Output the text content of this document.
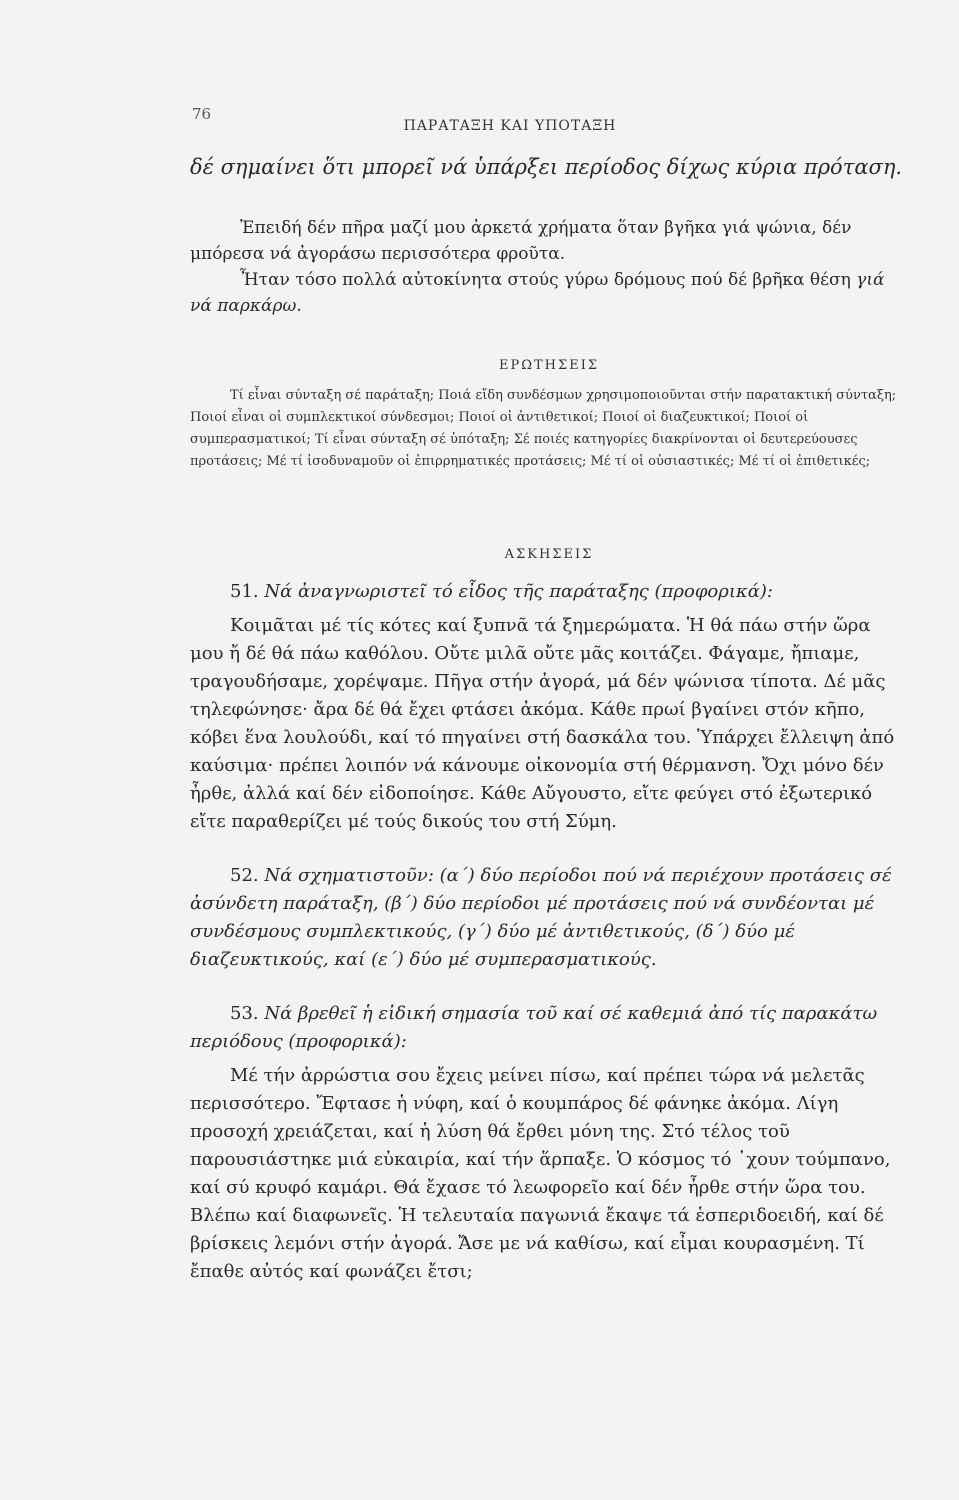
76
ΠΑΡΑΤΑΞΗ ΚΑΙ ΥΠΟΤΑΞΗ
δέ σημαίνει ὅτι μπορεῖ νά ὑπάρξει περίοδος δίχως κύρια πρόταση.

Ἐπειδή δέν πῆρα μαζί μου ἀρκετά χρήματα ὅταν βγῆκα γιά ψώνια, δέν μπόρεσα νά ἀγοράσω περισσότερα φροῦτα.

Ἦταν τόσο πολλά αὐτοκίνητα στούς γύρω δρόμους πού δέ βρῆκα θέση γιά νά παρκάρω.

ΕΡΩΤΗΣΕΙΣ

Τί εἶναι σύνταξη σέ παράταξη; Ποιά εἴδη συνδέσμων χρησιμοποιοῦνται στήν παρατακτική σύνταξη; Ποιοί εἶναι οἱ συμπλεκτικοί σύνδεσμοι; Ποιοί οἱ ἀντιθετικοί; Ποιοί οἱ διαζευκτικοί; Ποιοί οἱ συμπερασματικοί; Τί εἶναι σύνταξη σέ ὑπόταξη; Σέ ποιές κατηγορίες διακρίνονται οἱ δευτερεύουσες προτάσεις; Μέ τί ἰσοδυναμοῦν οἱ ἐπιρρηματικές προτάσεις; Μέ τί οἱ οὐσιαστικές; Μέ τί οἱ ἐπιθετικές;

ΑΣΚΗΣΕΙΣ

51. Νά ἀναγνωριστεῖ τό εἶδος τῆς παράταξης (προφορικά):

Κοιμᾶται μέ τίς κότες καί ξυπνᾶ τά ξημερώματα. Ἡ θά πάω στήν ὥρα μου ἤ δέ θά πάω καθόλου. Οὔτε μιλᾶ οὔτε μᾶς κοιτάζει. Φάγαμε, ἤπιαμε, τραγουδήσαμε, χορέψαμε. Πῆγα στήν ἀγορά, μά δέν ψώνισα τίποτα. Δέ μᾶς τηλεφώνησε· ἄρα δέ θά ἔχει φτάσει ἀκόμα. Κάθε πρωί βγαίνει στόν κῆπο, κόβει ἕνα λουλούδι, καί τό πηγαίνει στή δασκάλα του. Ὑπάρχει ἔλλειψη ἀπό καύσιμα· πρέπει λοιπόν νά κάνουμε οἰκονομία στή θέρμανση. Ὄχι μόνο δέν ἦρθε, ἀλλά καί δέν εἰδοποίησε. Κάθε Αὔγουστο, εἴτε φεύγει στό ἐξωτερικό εἴτε παραθερίζει μέ τούς δικούς του στή Σύμη.

52. Νά σχηματιστοῦν: (α΄) δύο περίοδοι πού νά περιέχουν προτάσεις σέ ἀσύνδετη παράταξη, (β΄) δύο περίοδοι μέ προτάσεις πού νά συνδέονται μέ συνδέσμους συμπλεκτικούς, (γ΄) δύο μέ ἀντιθετικούς, (δ΄) δύο μέ διαζευκτικούς, καί (ε΄) δύο μέ συμπερασματικούς.

53. Νά βρεθεῖ ἡ εἰδική σημασία τοῦ καί σέ καθεμιά ἀπό τίς παρακάτω περιόδους (προφορικά):

Μέ τήν ἀρρώστια σου ἔχεις μείνει πίσω, καί πρέπει τώρα νά μελετᾶς περισσότερο. Ἔφτασε ἡ νύφη, καί ὁ κουμπάρος δέ φάνηκε ἀκόμα. Λίγη προσοχή χρειάζεται, καί ἡ λύση θά ἔρθει μόνη της. Στό τέλος τοῦ παρουσιάστηκε μιά εὐκαιρία, καί τήν ἅρπαξε. Ὁ κόσμος τό ᾽χουν τούμπανο, καί σύ κρυφό καμάρι. Θά ἔχασε τό λεωφορεῖο καί δέν ἦρθε στήν ὥρα του. Βλέπω καί διαφωνεῖς. Ἡ τελευταία παγωνιά ἔκαψε τά ἑσπεριδοειδή, καί δέ βρίσκεις λεμόνι στήν ἀγορά. Ἄσε με νά καθίσω, καί εἶμαι κουρασμένη. Τί ἔπαθε αὐτός καί φωνάζει ἔτσι;
